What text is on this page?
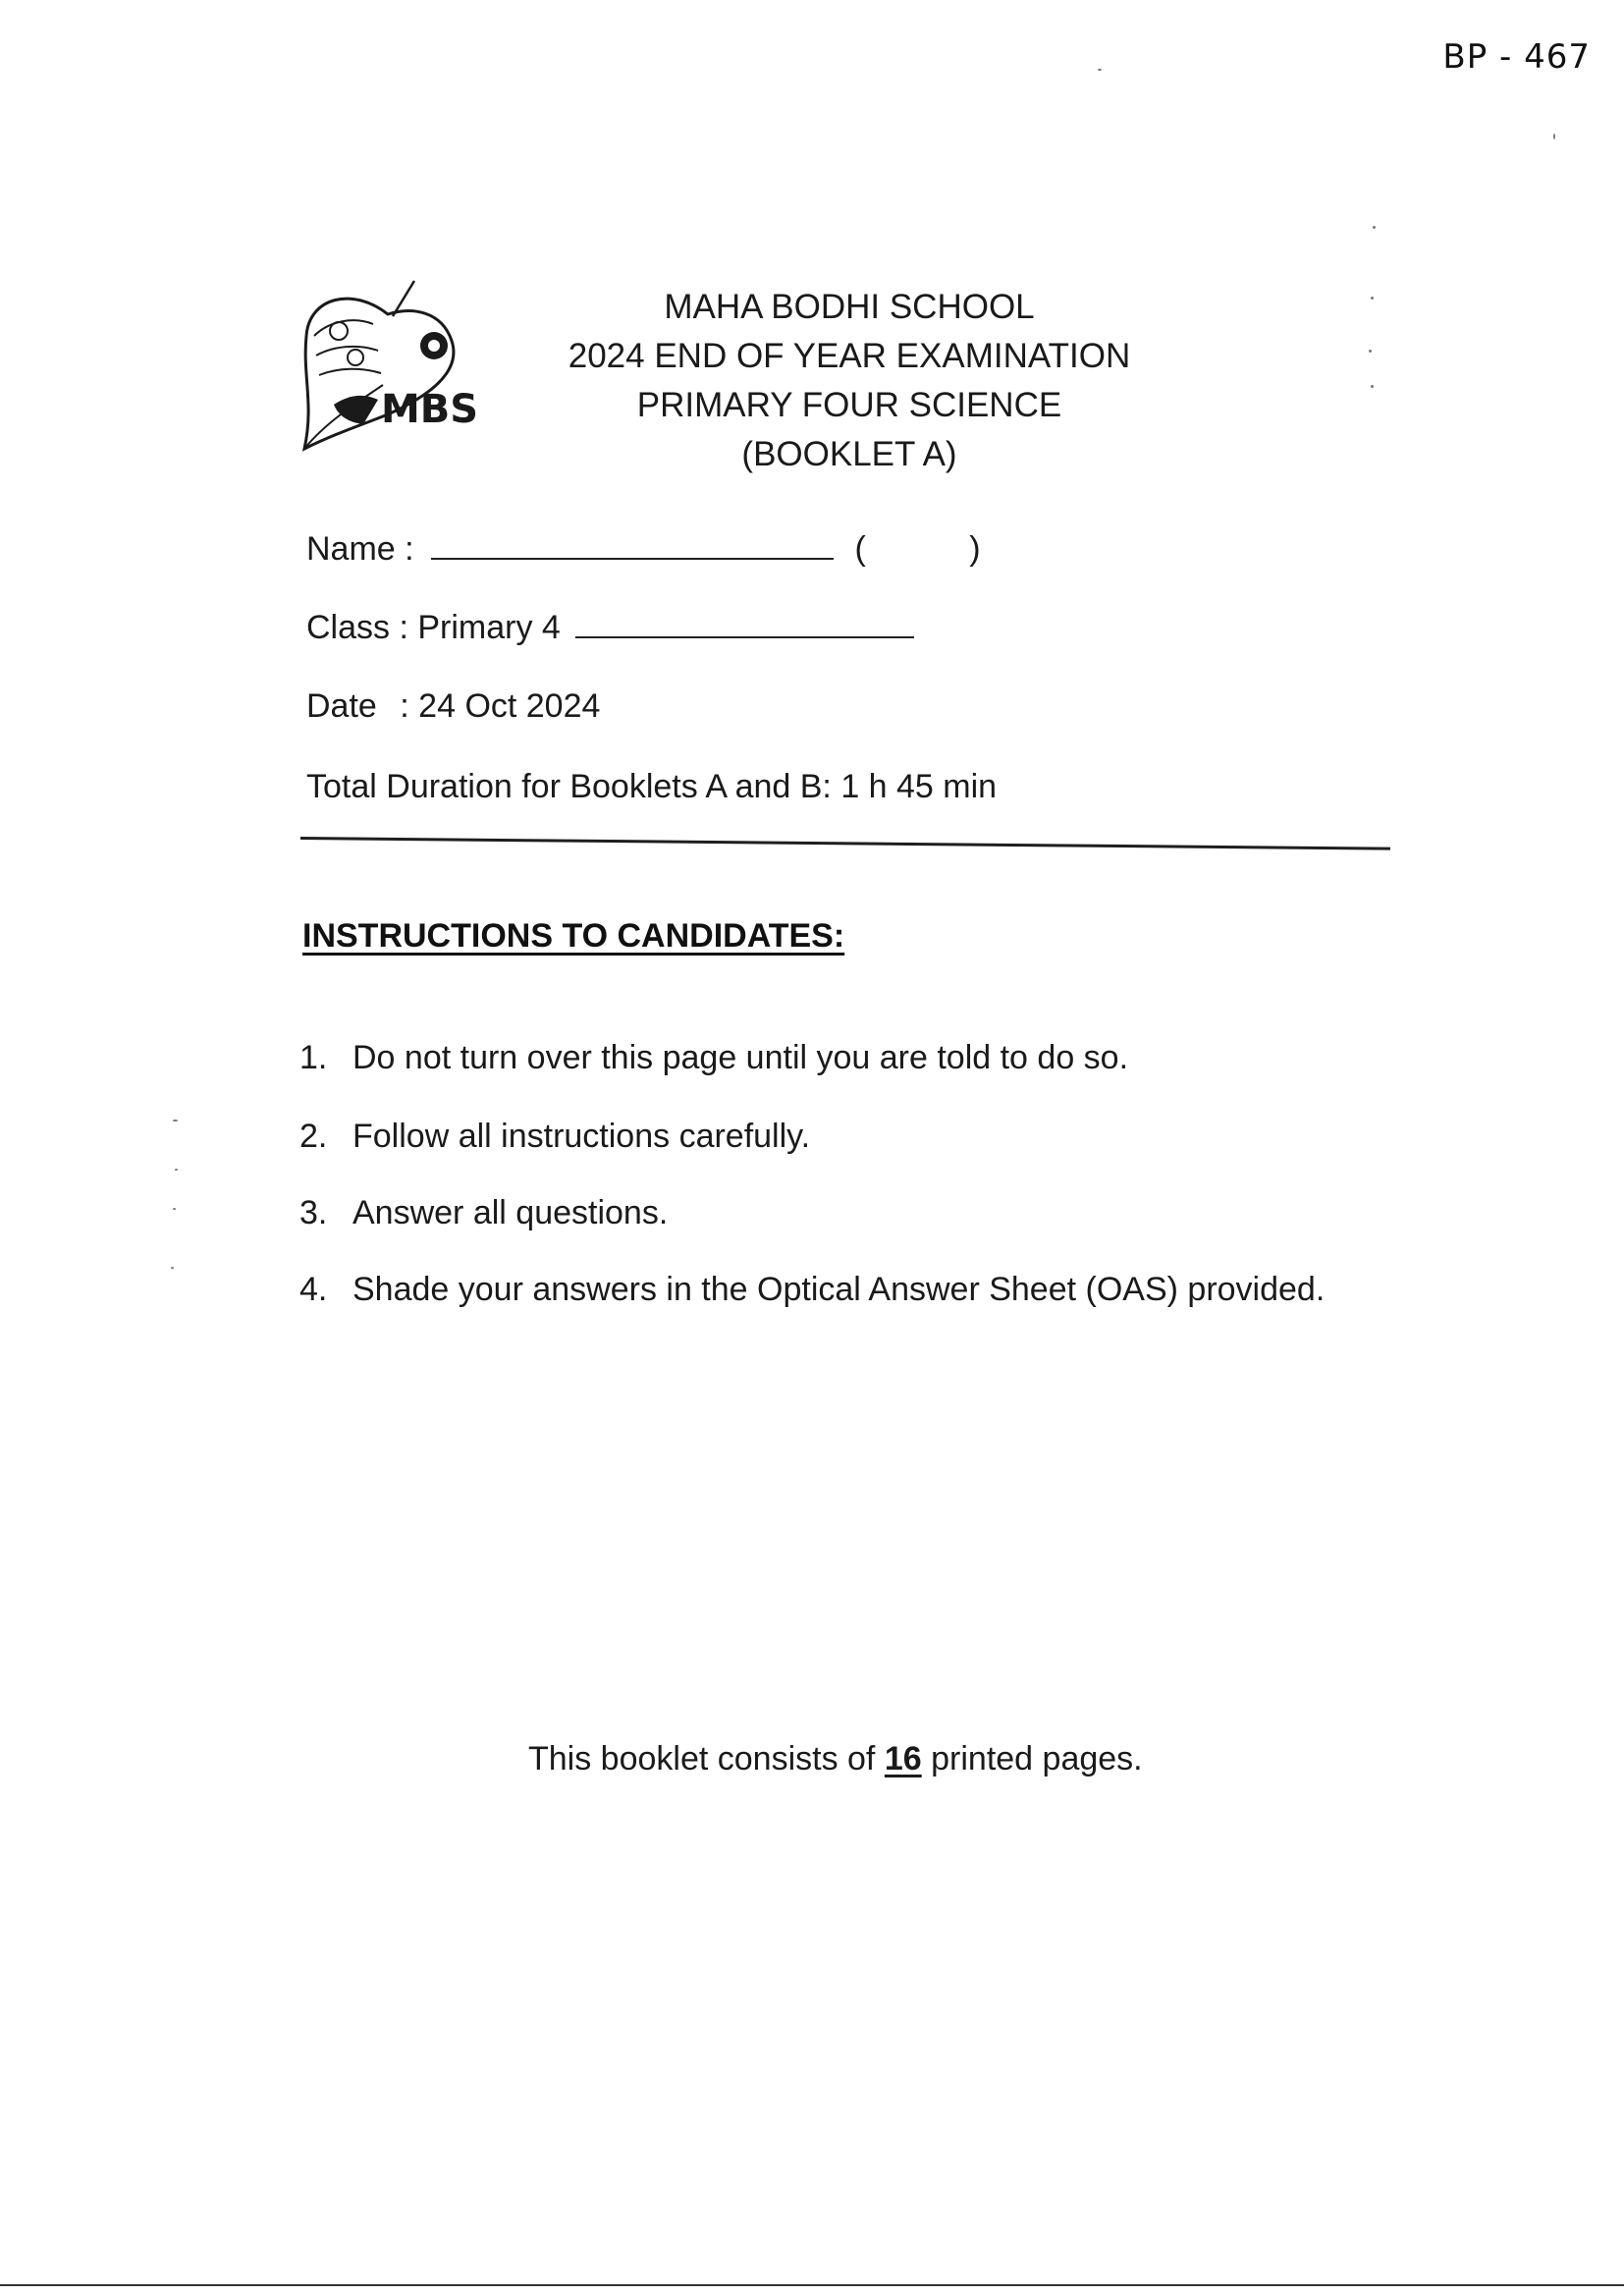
BP - 467
MBS
MAHA BODHI SCHOOL
2024 END OF YEAR EXAMINATION
PRIMARY FOUR SCIENCE
(BOOKLET A)
Name :	(	)
Class : Primary 4
Date : 24 Oct 2024
Total Duration for Booklets A and B: 1 h 45 min
INSTRUCTIONS TO CANDIDATES:
1. Do not turn over this page until you are told to do so.
2. Follow all instructions carefully.
3. Answer all questions.
4. Shade your answers in the Optical Answer Sheet (OAS) provided.
This booklet consists of 16 printed pages.
